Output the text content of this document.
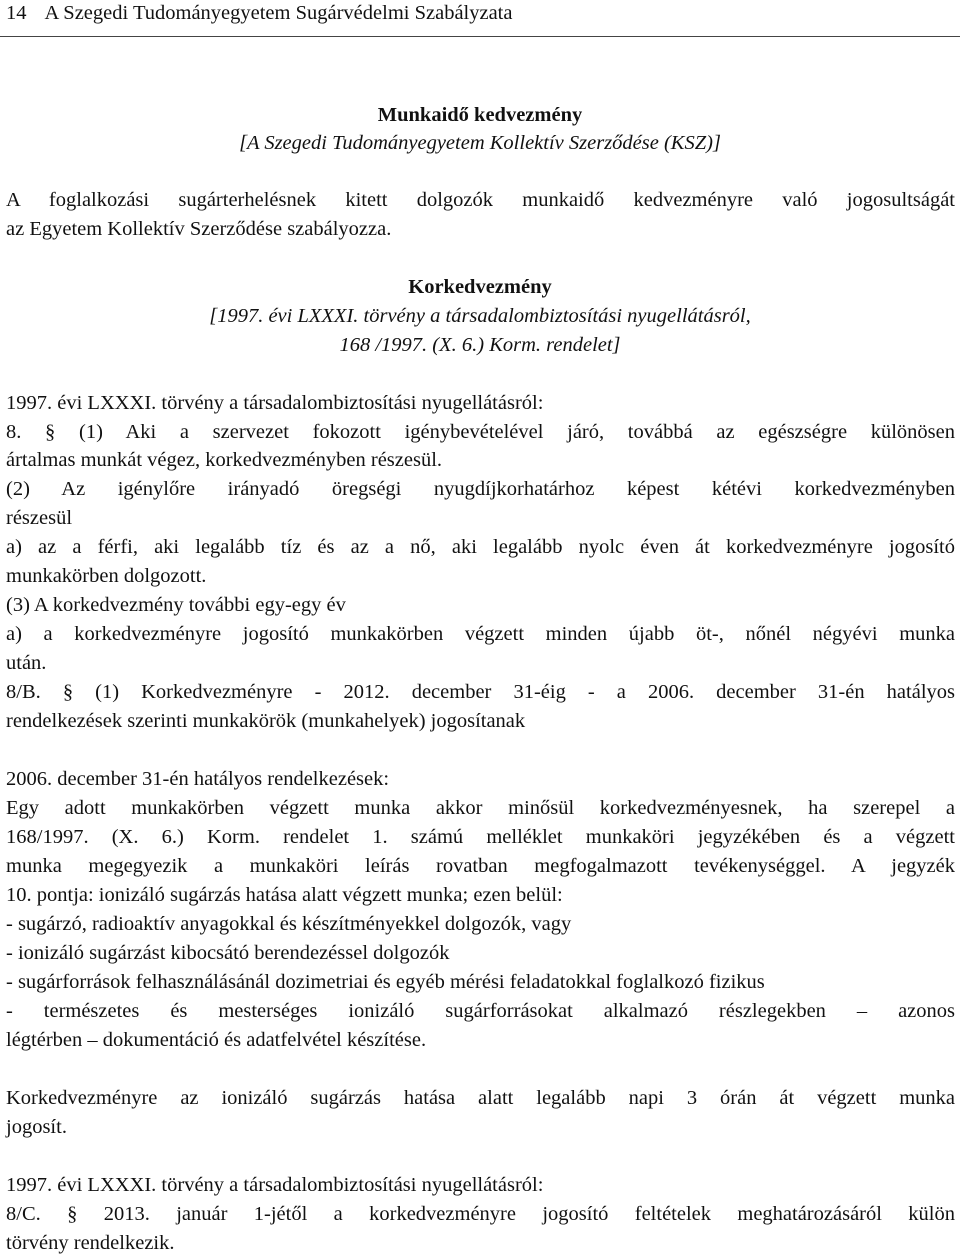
14 A Szegedi Tudományegyetem Sugárvédelmi Szabályzata
Munkaidő kedvezmény
[A Szegedi Tudományegyetem Kollektív Szerződése (KSZ)]
A foglalkozási sugárterhelésnek kitett dolgozók munkaidő kedvezményre való jogosultságát
az Egyetem Kollektív Szerződése szabályozza.
Korkedvezmény
[1997. évi LXXXI. törvény a társadalombiztosítási nyugellátásról,
168 /1997. (X. 6.) Korm. rendelet]
1997. évi LXXXI. törvény a társadalombiztosítási nyugellátásról:
8. § (1) Aki a szervezet fokozott igénybevételével járó, továbbá az egészségre különösen
ártalmas munkát végez, korkedvezményben részesül.
(2) Az igénylőre irányadó öregségi nyugdíjkorhatárhoz képest kétévi korkedvezményben
részesül
a) az a férfi, aki legalább tíz és az a nő, aki legalább nyolc éven át korkedvezményre jogosító
munkakörben dolgozott.
(3) A korkedvezmény további egy-egy év
a) a korkedvezményre jogosító munkakörben végzett minden újabb öt-, nőnél négyévi munka
után.
8/B. § (1) Korkedvezményre - 2012. december 31-éig - a 2006. december 31-én hatályos
rendelkezések szerinti munkakörök (munkahelyek) jogosítanak
2006. december 31-én hatályos rendelkezések:
Egy adott munkakörben végzett munka akkor minősül korkedvezményesnek, ha szerepel a
168/1997. (X. 6.) Korm. rendelet 1. számú melléklet munkaköri jegyzékében és a végzett
munka megegyezik a munkaköri leírás rovatban megfogalmazott tevékenységgel. A jegyzék
10. pontja: ionizáló sugárzás hatása alatt végzett munka; ezen belül:
- sugárzó, radioaktív anyagokkal és készítményekkel dolgozók, vagy
- ionizáló sugárzást kibocsátó berendezéssel dolgozók
- sugárforrások felhasználásánál dozimetriai és egyéb mérési feladatokkal foglalkozó fizikus
- természetes és mesterséges ionizáló sugárforrásokat alkalmazó részlegekben – azonos
légtérben – dokumentáció és adatfelvétel készítése.
Korkedvezményre az ionizáló sugárzás hatása alatt legalább napi 3 órán át végzett munka
jogosít.
1997. évi LXXXI. törvény a társadalombiztosítási nyugellátásról:
8/C. § 2013. január 1-jétől a korkedvezményre jogosító feltételek meghatározásáról külön
törvény rendelkezik.
